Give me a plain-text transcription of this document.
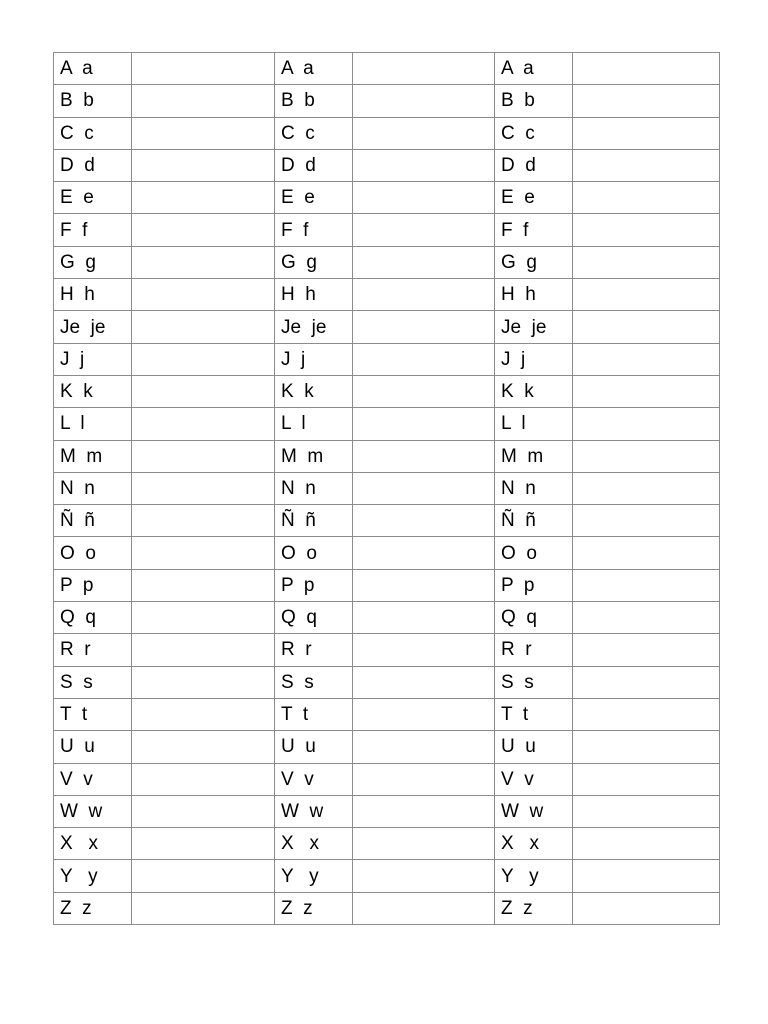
A  a		A  a		A  a	
B  b		B  b		B  b	
C  c		C  c		C  c	
D  d		D  d		D  d	
E  e		E  e		E  e	
F  f		F  f		F  f	
G  g		G  g		G  g	
H  h		H  h		H  h	
Je  je		Je  je		Je  je	
J  j		J  j		J  j	
K  k		K  k		K  k	
L  l		L  l		L  l	
M  m		M  m		M  m	
N  n		N  n		N  n	
Ñ  ñ		Ñ  ñ		Ñ  ñ	
O  o		O  o		O  o	
P  p		P  p		P  p	
Q  q		Q  q		Q  q	
R  r		R  r		R  r	
S  s		S  s		S  s	
T  t		T  t		T  t	
U  u		U  u		U  u	
V  v		V  v		V  v	
W  w		W  w		W  w	
X   x		X   x		X   x	
Y   y		Y   y		Y   y	
Z  z		Z  z		Z  z	
